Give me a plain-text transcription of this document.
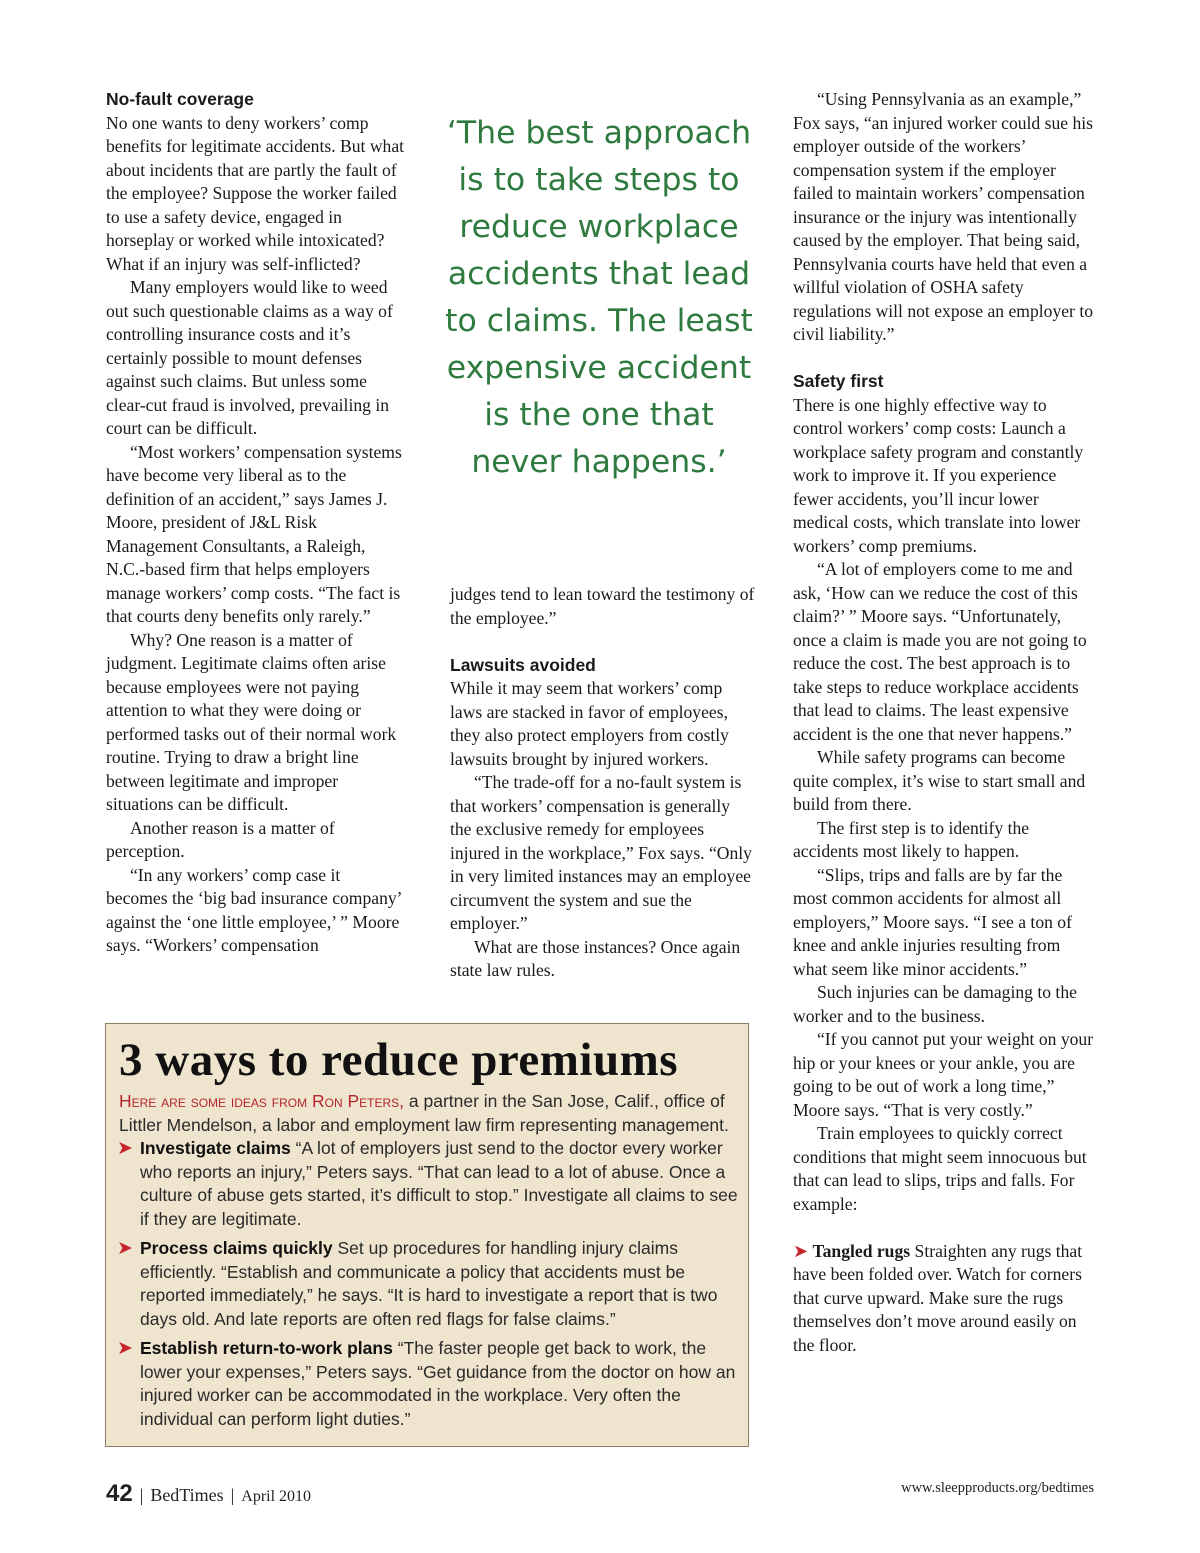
No-fault coverage

No one wants to deny workers’ comp benefits for legitimate accidents. But what about incidents that are partly the fault of the employee? Suppose the worker failed to use a safety device, engaged in horseplay or worked while intoxicated? What if an injury was self-inflicted?

Many employers would like to weed out such questionable claims as a way of controlling insurance costs and it’s certainly possible to mount defenses against such claims. But unless some clear-cut fraud is involved, prevailing in court can be difficult.

“Most workers’ compensation systems have become very liberal as to the definition of an accident,” says James J. Moore, president of J&L Risk Management Consultants, a Raleigh, N.C.-based firm that helps employers manage workers’ comp costs. “The fact is that courts deny benefits only rarely.”

Why? One reason is a matter of judgment. Legitimate claims often arise because employees were not paying attention to what they were doing or performed tasks out of their normal work routine. Trying to draw a bright line between legitimate and improper situations can be difficult.

Another reason is a matter of perception.

“In any workers’ comp case it becomes the ‘big bad insurance company’ against the ‘one little employee,’ ” Moore says. “Workers’ compensation

‘The best approach is to take steps to reduce workplace accidents that lead to claims. The least expensive accident is the one that never happens.’

judges tend to lean toward the testimony of the employee.”

Lawsuits avoided

While it may seem that workers’ comp laws are stacked in favor of employees, they also protect employers from costly lawsuits brought by injured workers.

“The trade-off for a no-fault system is that workers’ compensation is generally the exclusive remedy for employees injured in the workplace,” Fox says. “Only in very limited instances may an employee circumvent the system and sue the employer.”

What are those instances? Once again state law rules.

“Using Pennsylvania as an example,” Fox says, “an injured worker could sue his employer outside of the workers’ compensation system if the employer failed to maintain workers’ compensation insurance or the injury was intentionally caused by the employer. That being said, Pennsylvania courts have held that even a willful violation of OSHA safety regulations will not expose an employer to civil liability.”

Safety first

There is one highly effective way to control workers’ comp costs: Launch a workplace safety program and constantly work to improve it. If you experience fewer accidents, you’ll incur lower medical costs, which translate into lower workers’ comp premiums.

“A lot of employers come to me and ask, ‘How can we reduce the cost of this claim?’ ” Moore says. “Unfortunately, once a claim is made you are not going to reduce the cost. The best approach is to take steps to reduce workplace accidents that lead to claims. The least expensive accident is the one that never happens.”

While safety programs can become quite complex, it’s wise to start small and build from there.

The first step is to identify the accidents most likely to happen.

“Slips, trips and falls are by far the most common accidents for almost all employers,” Moore says. “I see a ton of knee and ankle injuries resulting from what seem like minor accidents.”

Such injuries can be damaging to the worker and to the business.

“If you cannot put your weight on your hip or your knees or your ankle, you are going to be out of work a long time,” Moore says. “That is very costly.”

Train employees to quickly correct conditions that might seem innocuous but that can lead to slips, trips and falls. For example:

➤ Tangled rugs Straighten any rugs that have been folded over. Watch for corners that curve upward. Make sure the rugs themselves don’t move around easily on the floor.

3 ways to reduce premiums

Here are some ideas from Ron Peters, a partner in the San Jose, Calif., office of Littler Mendelson, a labor and employment law firm representing management.

➤ Investigate claims “A lot of employers just send to the doctor every worker who reports an injury,” Peters says. “That can lead to a lot of abuse. Once a culture of abuse gets started, it’s difficult to stop.” Investigate all claims to see if they are legitimate.

➤ Process claims quickly Set up procedures for handling injury claims efficiently. “Establish and communicate a policy that accidents must be reported immediately,” he says. “It is hard to investigate a report that is two days old. And late reports are often red flags for false claims.”

➤ Establish return-to-work plans “The faster people get back to work, the lower your expenses,” Peters says. “Get guidance from the doctor on how an injured worker can be accommodated in the workplace. Very often the individual can perform light duties.”

42 | BedTimes | April 2010	www.sleepproducts.org/bedtimes
